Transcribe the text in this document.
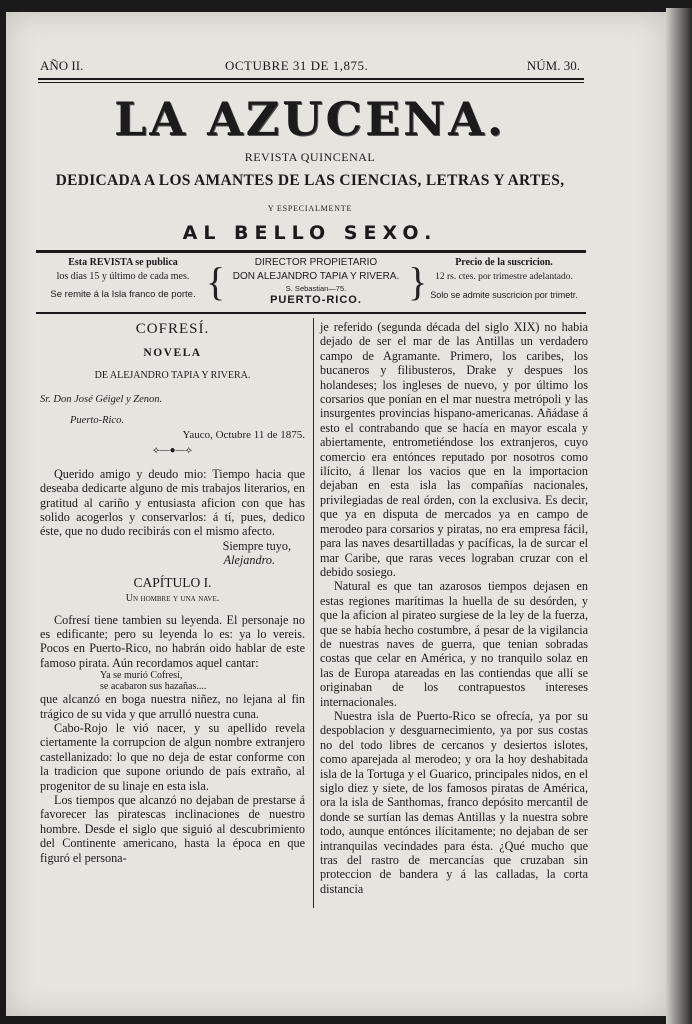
AÑO II.	OCTUBRE 31 DE 1,875.	NÚM. 30.
LA AZUCENA.
REVISTA QUINCENAL
DEDICADA A LOS AMANTES DE LAS CIENCIAS, LETRAS Y ARTES,
Y ESPECIALMENTE
AL BELLO SEXO.
Esta REVISTA se publica
los dias 15 y último de cada mes.
Se remite á la Isla franco de porte. {	DIRECTOR PROPIETARIO
DON ALEJANDRO TAPIA Y RIVERA.
S. Sebastian—75.
PUERTO-RICO.	}	Precio de la suscricion.
12 rs. ctes. por trimestre adelantado.
Solo se admite suscricion por trimetr.

COFRESÍ.

NOVELA

DE ALEJANDRO TAPIA Y RIVERA.

Sr. Don José Géigel y Zenon.

Puerto-Rico.

Yauco, Octubre 11 de 1875.

⟡—●—⟡

Querido amigo y deudo mio: Tiempo hacia que deseaba dedicarte alguno de mis trabajos literarios, en gratitud al cariño y entusiasta aficion con que has solido acogerlos y conservarlos: á tí, pues, dedico éste, que no dudo recibirás con el mismo afecto.

Siempre tuyo,

Alejandro.

CAPÍTULO I.

Un hombre y una nave.

Cofresí tiene tambien su leyenda. El personaje no es edificante; pero su leyenda lo es: ya lo vereis. Pocos en Puerto-Rico, no habrán oido hablar de este famoso pirata. Aún recordamos aquel cantar:

Ya se murió Cofresí,

se acabaron sus hazañas....

que alcanzó en boga nuestra niñez, no lejana al fin trágico de su vida y que arrulló nuestra cuna.

Cabo-Rojo le vió nacer, y su apellido revela ciertamente la corrupcion de algun nombre extranjero castellanizado: lo que no deja de estar conforme con la tradicion que supone oriundo de país extraño, al progenitor de su linaje en esta isla.

Los tiempos que alcanzó no dejaban de prestarse á favorecer las piratescas inclinaciones de nuestro hombre. Desde el siglo que siguió al descubrimiento del Continente americano, hasta la época en que figuró el persona-

je referido (segunda década del siglo XIX) no habia dejado de ser el mar de las Antillas un verdadero campo de Agramante. Primero, los caribes, los bucaneros y filibusteros, Drake y despues los holandeses; los ingleses de nuevo, y por último los corsarios que ponían en el mar nuestra metrópoli y las insurgentes provincias hispano-americanas. Añádase á esto el contrabando que se hacía en mayor escala y abiertamente, entrometiéndose los extranjeros, cuyo comercio era entónces reputado por nosotros como ilícito, á llenar los vacios que en la importacion dejaban en esta isla las compañías nacionales, privilegiadas de real órden, con la exclusiva. Es decir, que ya en disputa de mercados ya en campo de merodeo para corsarios y piratas, no era empresa fácil, para las naves desartilladas y pacíficas, la de surcar el mar Caribe, que raras veces lograban cruzar con el debido sosiego.

Natural es que tan azarosos tiempos dejasen en estas regiones marítimas la huella de su desórden, y que la aficion al pirateo surgiese de la ley de la fuerza, que se había hecho costumbre, á pesar de la vigilancia de nuestras naves de guerra, que tenian sobradas costas que celar en América, y no tranquilo solaz en las de Europa atareadas en las contiendas que allí se originaban de los contrapuestos intereses internacionales.

Nuestra isla de Puerto-Rico se ofrecía, ya por su despoblacion y desguarnecimiento, ya por sus costas no del todo libres de cercanos y desiertos islotes, como aparejada al merodeo; y ora la hoy deshabitada isla de la Tortuga y el Guarico, principales nidos, en el siglo diez y siete, de los famosos piratas de América, ora la isla de Santhomas, franco depósito mercantil de donde se surtían las demas Antillas y la nuestra sobre todo, aunque entónces ilícitamente; no dejaban de ser intranquilas vecindades para ésta. ¿Qué mucho que tras del rastro de mercancías que cruzaban sin proteccion de bandera y á las calladas, la corta distancia
